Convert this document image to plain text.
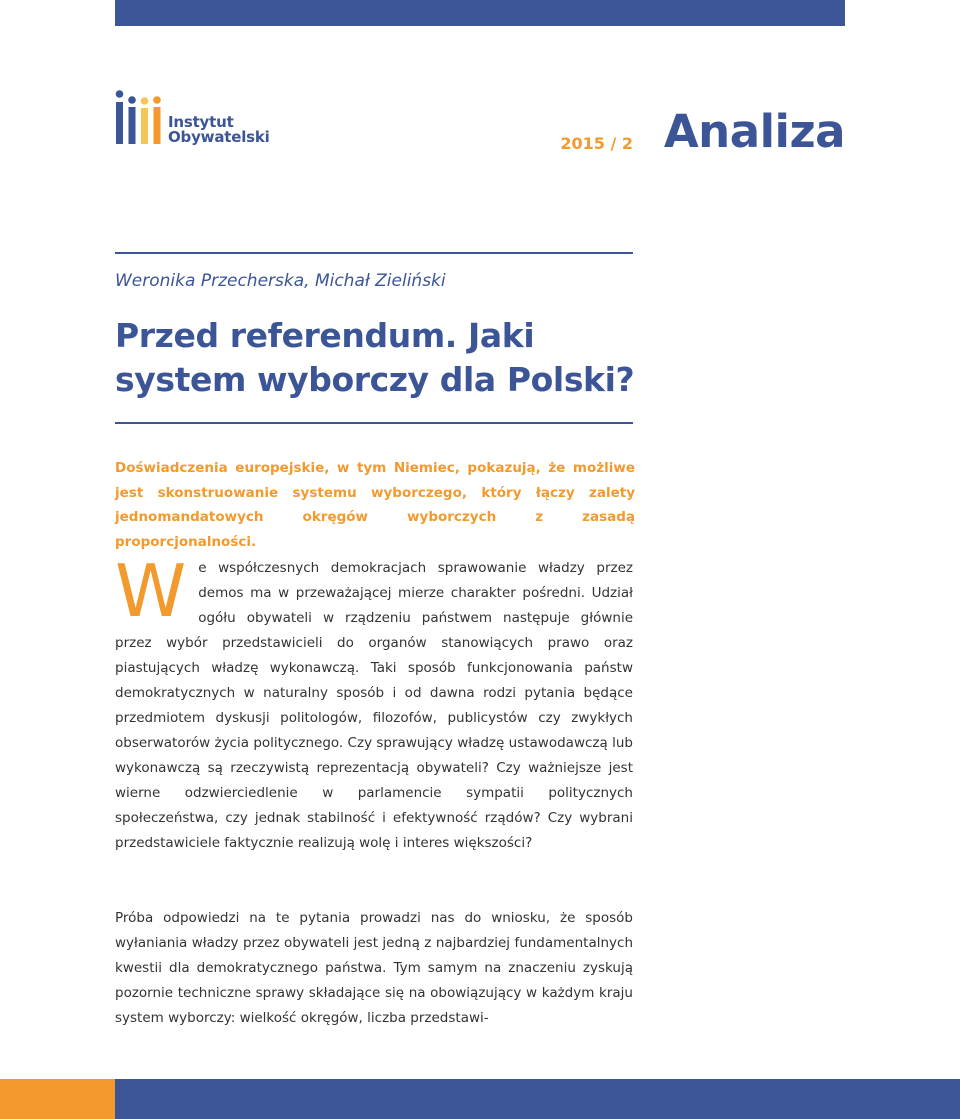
Instytut
Obywatelski	2015 / 2 Analiza
Weronika Przecherska, Michał Zieliński
Przed referendum. Jaki system wyborczy dla Polski?

Doświadczenia europejskie, w tym Niemiec, pokazują, że możliwe jest skonstruowanie systemu wyborczego, który łączy zalety jednomandatowych okręgów wyborczych z zasadą proporcjonalności.

We współczesnych demokracjach sprawowanie władzy przez demos ma w przeważającej mierze charakter pośredni. Udział ogółu obywateli w rządzeniu państwem następuje głównie przez wybór przedstawicieli do organów stanowiących prawo oraz piastujących władzę wykonawczą. Taki sposób funkcjonowania państw demokratycznych w naturalny sposób i od dawna rodzi pytania będące przedmiotem dyskusji politologów, filozofów, publicystów czy zwykłych obserwatorów życia politycznego. Czy sprawujący władzę ustawodawczą lub wykonawczą są rzeczywistą reprezentacją obywateli? Czy ważniejsze jest wierne odzwierciedlenie w parlamencie sympatii politycznych społeczeństwa, czy jednak stabilność i efektywność rządów? Czy wybrani przedstawiciele faktycznie realizują wolę i interes większości?

Próba odpowiedzi na te pytania prowadzi nas do wniosku, że sposób wyłaniania władzy przez obywateli jest jedną z najbardziej fundamentalnych kwestii dla demokratycznego państwa. Tym samym na znaczeniu zyskują pozornie techniczne sprawy składające się na obowiązujący w każdym kraju system wyborczy: wielkość okręgów, liczba przedstawi-
